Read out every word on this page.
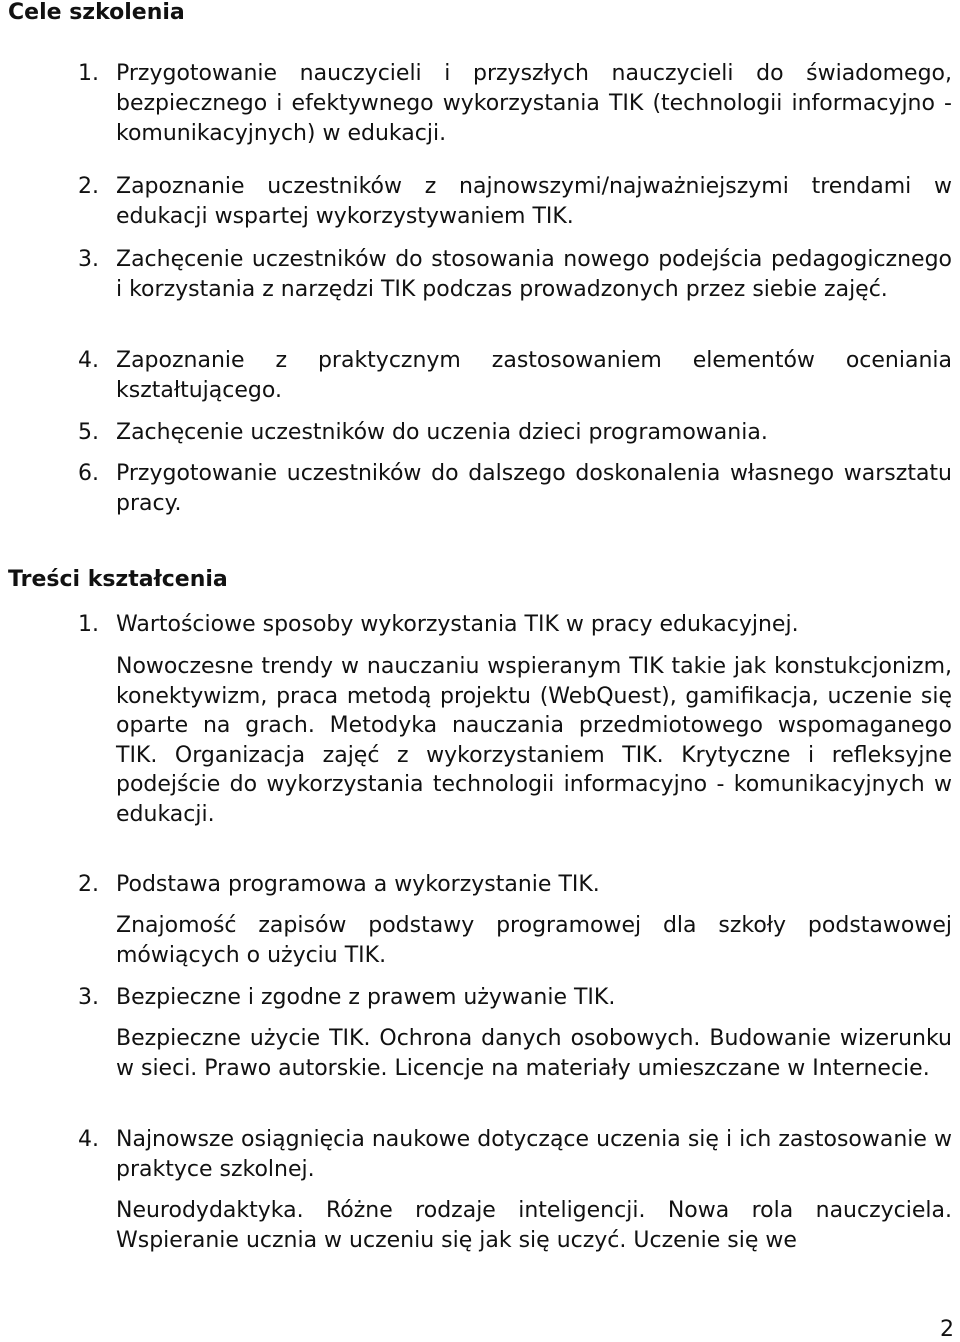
Cele szkolenia
1. Przygotowanie nauczycieli i przyszłych nauczycieli do świadomego, bezpiecznego i efektywnego wykorzystania TIK (technologii informacyjno - komunikacyjnych) w edukacji.
2. Zapoznanie uczestników z najnowszymi/najważniejszymi trendami w edukacji wspartej wykorzystywaniem TIK.
3. Zachęcenie uczestników do stosowania nowego podejścia pedagogicznego i korzystania z narzędzi TIK podczas prowadzonych przez siebie zajęć.
4. Zapoznanie z praktycznym zastosowaniem elementów oceniania kształtującego.
5. Zachęcenie uczestników do uczenia dzieci programowania.
6. Przygotowanie uczestników do dalszego doskonalenia własnego warsztatu pracy.
Treści kształcenia
1. Wartościowe sposoby wykorzystania TIK w pracy edukacyjnej.

Nowoczesne trendy w nauczaniu wspieranym TIK takie jak konstukcjonizm, konektywizm, praca metodą projektu (WebQuest), gamifikacja, uczenie się oparte na grach. Metodyka nauczania przedmiotowego wspomaganego TIK. Organizacja zajęć z wykorzystaniem TIK. Krytyczne i refleksyjne podejście do wykorzystania technologii informacyjno - komunikacyjnych w edukacji.

2. Podstawa programowa a wykorzystanie TIK.

Znajomość zapisów podstawy programowej dla szkoły podstawowej mówiących o użyciu TIK.

3. Bezpieczne i zgodne z prawem używanie TIK.

Bezpieczne użycie TIK. Ochrona danych osobowych. Budowanie wizerunku w sieci. Prawo autorskie. Licencje na materiały umieszczane w Internecie.

4. Najnowsze osiągnięcia naukowe dotyczące uczenia się i ich zastosowanie w praktyce szkolnej.

Neurodydaktyka. Różne rodzaje inteligencji. Nowa rola nauczyciela. Wspieranie ucznia w uczeniu się jak się uczyć. Uczenie się we

2
